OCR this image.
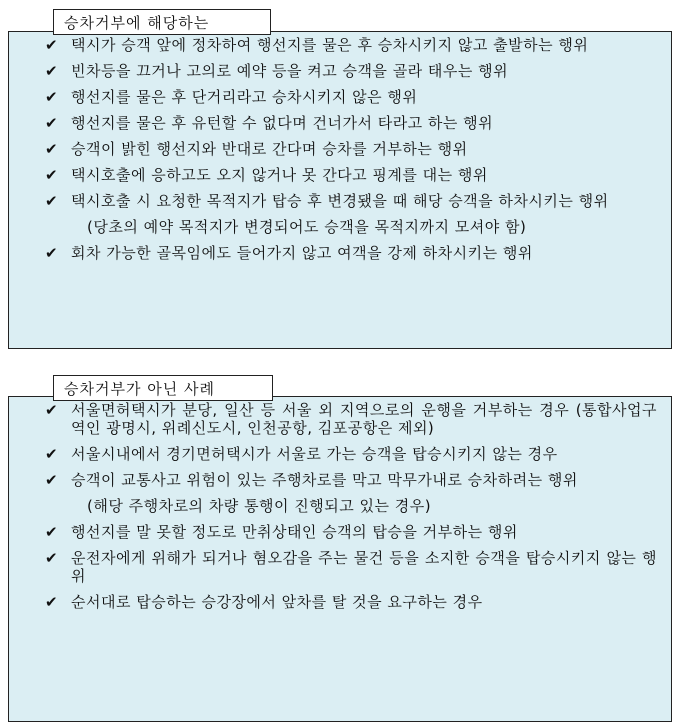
승차거부에 해당하는
✔ 택시가 승객 앞에 정차하여 행선지를 물은 후 승차시키지 않고 출발하는 행위
✔ 빈차등을 끄거나 고의로 예약 등을 켜고 승객을 골라 태우는 행위
✔ 행선지를 물은 후 단거리라고 승차시키지 않은 행위
✔ 행선지를 물은 후 유턴할 수 없다며 건너가서 타라고 하는 행위
✔ 승객이 밝힌 행선지와 반대로 간다며 승차를 거부하는 행위
✔ 택시호출에 응하고도 오지 않거나 못 간다고 핑계를 대는 행위
✔ 택시호출 시 요청한 목적지가 탑승 후 변경됐을 때 해당 승객을 하차시키는 행위
(당초의 예약 목적지가 변경되어도 승객을 목적지까지 모셔야 함)
✔ 회차 가능한 골목임에도 들어가지 않고 여객을 강제 하차시키는 행위
승차거부가 아닌 사례
✔ 서울면허택시가 분당, 일산 등 서울 외 지역으로의 운행을 거부하는 경우 (통합사업구역인 광명시, 위례신도시, 인천공항, 김포공항은 제외)
✔ 서울시내에서 경기면허택시가 서울로 가는 승객을 탑승시키지 않는 경우
✔ 승객이 교통사고 위험이 있는 주행차로를 막고 막무가내로 승차하려는 행위
(해당 주행차로의 차량 통행이 진행되고 있는 경우)
✔ 행선지를 말 못할 정도로 만취상태인 승객의 탑승을 거부하는 행위
✔ 운전자에게 위해가 되거나 혐오감을 주는 물건 등을 소지한 승객을 탑승시키지 않는 행위
✔ 순서대로 탑승하는 승강장에서 앞차를 탈 것을 요구하는 경우
